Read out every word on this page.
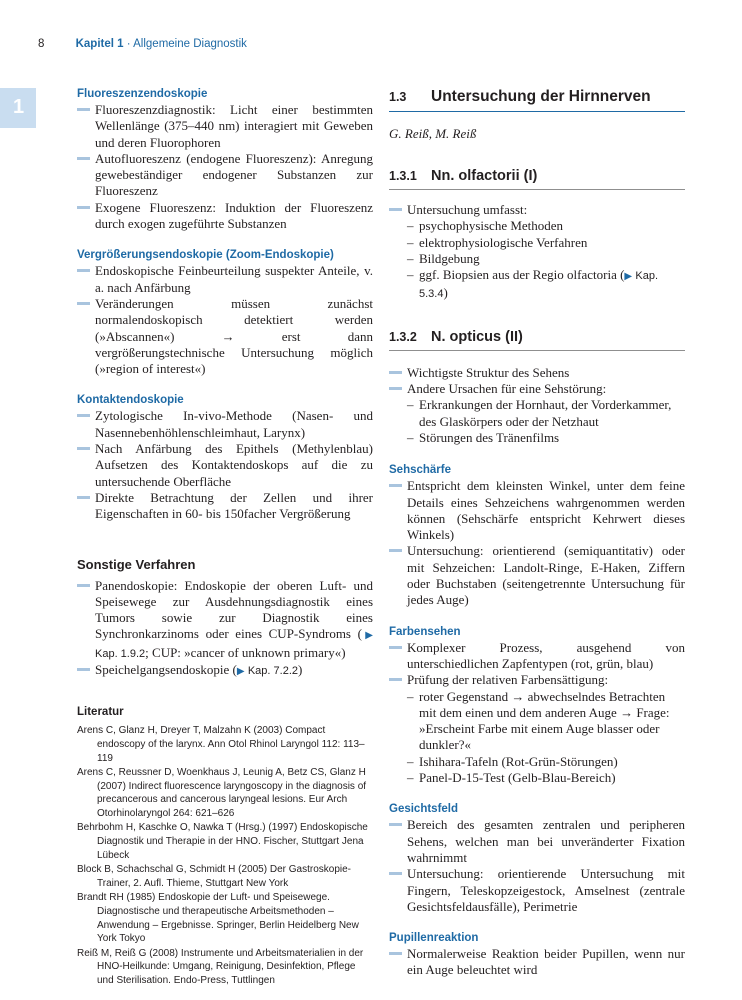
8	Kapitel 1 · Allgemeine Diagnostik
1
Fluoreszenzendoskopie
Fluoreszenzdiagnostik: Licht einer bestimmten Wellenlänge (375–440 nm) interagiert mit Geweben und deren Fluorophoren
Autofluoreszenz (endogene Fluoreszenz): Anregung gewebeständiger endogener Substanzen zur Fluoreszenz
Exogene Fluoreszenz: Induktion der Fluoreszenz durch exogen zugeführte Substanzen
Vergrößerungsendoskopie (Zoom-Endoskopie)
Endoskopische Feinbeurteilung suspekter Anteile, v. a. nach Anfärbung
Veränderungen müssen zunächst normalendoskopisch detektiert werden (»Abscannen«) → erst dann vergrößerungstechnische Untersuchung möglich (»region of interest«)
Kontaktendoskopie
Zytologische In-vivo-Methode (Nasen- und Nasennebenhöhlenschleimhaut, Larynx)
Nach Anfärbung des Epithels (Methylenblau) Aufsetzen des Kontaktendoskops auf die zu untersuchende Oberfläche
Direkte Betrachtung der Zellen und ihrer Eigenschaften in 60- bis 150facher Vergrößerung
Sonstige Verfahren
Panendoskopie: Endoskopie der oberen Luft- und Speisewege zur Ausdehnungsdiagnostik eines Tumors sowie zur Diagnostik eines Synchronkarzinoms oder eines CUP-Syndroms (▶ Kap. 1.9.2; CUP: »cancer of unknown primary«)
Speichelgangsendoskopie (▶ Kap. 7.2.2)
Literatur

Arens C, Glanz H, Dreyer T, Malzahn K (2003) Compact endoscopy of the larynx. Ann Otol Rhinol Laryngol 112: 113–119

Arens C, Reussner D, Woenkhaus J, Leunig A, Betz CS, Glanz H (2007) Indirect fluorescence laryngoscopy in the diagnosis of precancerous and cancerous laryngeal lesions. Eur Arch Otorhinolaryngol 264: 621–626

Behrbohm H, Kaschke O, Nawka T (Hrsg.) (1997) Endoskopische Diagnostik und Therapie in der HNO. Fischer, Stuttgart Jena Lübeck

Block B, Schachschal G, Schmidt H (2005) Der Gastroskopie-Trainer, 2. Aufl. Thieme, Stuttgart New York

Brandt RH (1985) Endoskopie der Luft- und Speisewege. Diagnostische und therapeutische Arbeitsmethoden – Anwendung – Ergebnisse. Springer, Berlin Heidelberg New York Tokyo

Reiß M, Reiß G (2008) Instrumente und Arbeitsmaterialien in der HNO-Heilkunde: Umgang, Reinigung, Desinfektion, Pflege und Sterilisation. Endo-Press, Tuttlingen

1.3	Untersuchung der Hirnnerven

G. Reiß, M. Reiß

1.3.1 Nn. olfactorii (I)
Untersuchung umfasst:
– psychophysische Methoden
– elektrophysiologische Verfahren
– Bildgebung
– ggf. Biopsien aus der Regio olfactoria (▶ Kap. 5.3.4)
1.3.2 N. opticus (II)
Wichtigste Struktur des Sehens
Andere Ursachen für eine Sehstörung:
– Erkrankungen der Hornhaut, der Vorderkammer, des Glaskörpers oder der Netzhaut
– Störungen des Tränenfilms
Sehschärfe
Entspricht dem kleinsten Winkel, unter dem feine Details eines Sehzeichens wahrgenommen werden können (Sehschärfe entspricht Kehrwert dieses Winkels)
Untersuchung: orientierend (semiquantitativ) oder mit Sehzeichen: Landolt-Ringe, E-Haken, Ziffern oder Buchstaben (seitengetrennte Untersuchung für jedes Auge)
Farbensehen
Komplexer Prozess, ausgehend von unterschiedlichen Zapfentypen (rot, grün, blau)
Prüfung der relativen Farbensättigung:
– roter Gegenstand → abwechselndes Betrachten mit dem einen und dem anderen Auge → Frage: »Erscheint Farbe mit einem Auge blasser oder dunkler?«
– Ishihara-Tafeln (Rot-Grün-Störungen)
– Panel-D-15-Test (Gelb-Blau-Bereich)
Gesichtsfeld
Bereich des gesamten zentralen und peripheren Sehens, welchen man bei unveränderter Fixation wahrnimmt
Untersuchung: orientierende Untersuchung mit Fingern, Teleskopzeigestock, Amselnest (zentrale Gesichtsfeldausfälle), Perimetrie
Pupillenreaktion
Normalerweise Reaktion beider Pupillen, wenn nur ein Auge beleuchtet wird
